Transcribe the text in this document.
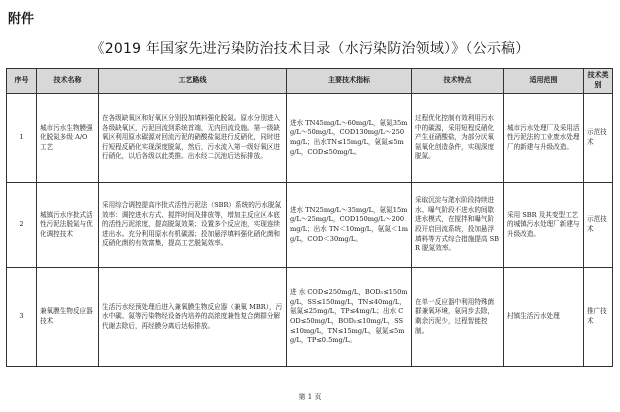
附件
《2019 年国家先进污染防治技术目录（水污染防治领域）》（公示稿）
序号	技术名称	工艺路线	主要技术指标	技术特点	适用范围	技术类别
1	城市污水生物膜强化脱氮多级 A/O 工艺	在各级缺氧区和好氧区分别投加填料强化脱氮。原水分别进入各级缺氧区，污泥回流到系统首端，无内回流设施。第一级缺氧区利用原水碳源对回流污泥的硝酸盐氮进行反硝化，同时进行短程反硝化实现深度脱氮，然后，污水流入第一级好氧区进行硝化，以后各级以此类推。出水经二沉池后达标排放。	进水 TN45mg/L～60mg/L，氨氮35mg/L～50mg/L，COD130mg/L～250mg/L；出水TN≤15mg/L，氨氮≤5mg/L，COD≤50mg/L。	过程优化控制有效利用污水中的碳源，采用短程反硝化产生亚硝酸盐，为部分厌氧氨氧化创造条件，实现深度脱氮。	城市污水处理厂及采用活性污泥法的工业废水处理厂的新建与升级改造。	示范技术
2	城镇污水序批式活性污泥法脱氮与优化调控技术	采用综合调控提高序批式活性污泥法（SBR）系统的污水脱氮效率：调控进水方式、搅拌时间及排放等，增加主反应区本底的活性污泥浓度，提高脱氮效果；设置多个反应池，实现连续进出水。充分利用原水有机碳源；投加悬浮填料强化硝化菌和反硝化菌的有效富集，提高工艺脱氮效率。	进水 TN25mg/L～35mg/L，氨氮15mg/L～25mg/L，COD150mg/L～200mg/L；出水 TN＜10mg/L，氨氮＜1mg/L，COD＜30mg/L。	采取沉淀与滗水阶段持续进水、曝气阶段不进水的间歇进水模式，在搅拌和曝气阶段开启回流系统，投加悬浮填料等方式综合措施提高 SBR 脱氮效率。	采用 SBR 及其变型工艺的城镇污水处理厂新建与升级改造。	示范技术
3	兼氧膜生物反应器技术	生活污水经预处理后进入兼氧膜生物反应器（兼氧 MBR），污水中碳、氮等污染物经设备内培养的高浓度兼性复合菌群分解代谢去除后，再经膜分离后达标排放。	进 水 COD≤250mg/L，BOD₅≤150mg/L，SS≤150mg/L，TN≤40mg/L，氨氮≤25mg/L，TP≤4mg/L；出水 COD≤50mg/L，BOD₅≤10mg/L，SS≤10mg/L，TN≤15mg/L，氨氮≤5mg/L，TP≤0.5mg/L。	在单一反应器中利用特殊菌群兼氧环境，氨同步去除，剩余污泥少，过程智能控制。	村镇生活污水处理	推广技术
第 1 页
